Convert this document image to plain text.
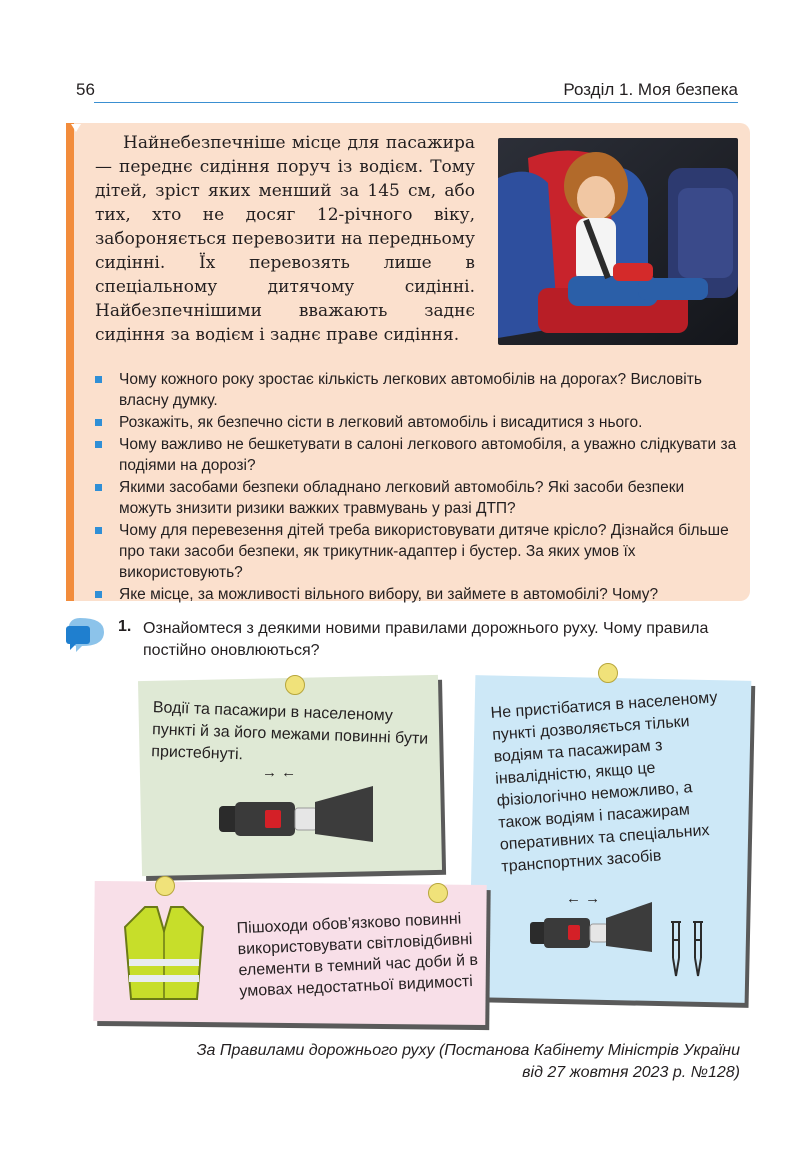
56	Розділ 1. Моя безпека

Найнебезпечніше місце для пасажира — переднє сидіння поруч із водієм. Тому дітей, зріст яких менший за 145 см, або тих, хто не досяг 12-річного віку, забороняється перевозити на передньому сидінні. Їх перевозять лише в спеціальному дитячому сидінні. Найбезпечнішими вважають заднє сидіння за водієм і заднє праве сидіння.

Чому кожного року зростає кількість легкових автомобілів на дорогах? Висловіть власну думку.
Розкажіть, як безпечно сісти в легковий автомобіль і висадитися з нього.
Чому важливо не бешкетувати в салоні легкового автомобіля, а уважно слідкувати за подіями на дорозі?
Якими засобами безпеки обладнано легковий автомобіль? Які засоби безпеки можуть знизити ризики важких травмувань у разі ДТП?
Чому для перевезення дітей треба використовувати дитяче крісло? Дізнайся більше про таки засоби безпеки, як трикутник-адаптер і бустер. За яких умов їх використовують?
Яке місце, за можливості вільного вибору, ви займете в автомобілі? Чому?
1. Ознайомтеся з деякими новими правилами дорожнього руху. Чому правила постійно оновлюються?

Водії та пасажири в населеному пункті й за його межами повинні бути пристебнуті.

→ ←

Не пристібатися в населеному пункті дозволяється тільки водіям та пасажирам з інвалідністю, якщо це фізіологічно неможливо, а також водіям і пасажирам оперативних та спеціальних транспортних засобів

← →

Пішоходи обов’язково повинні використовувати світловідбивні елементи в темний час доби й в умовах недостатньої видимості

За Правилами дорожнього руху (Постанова Кабінету Міністрів України
від 27 жовтня 2023 р. №128)
